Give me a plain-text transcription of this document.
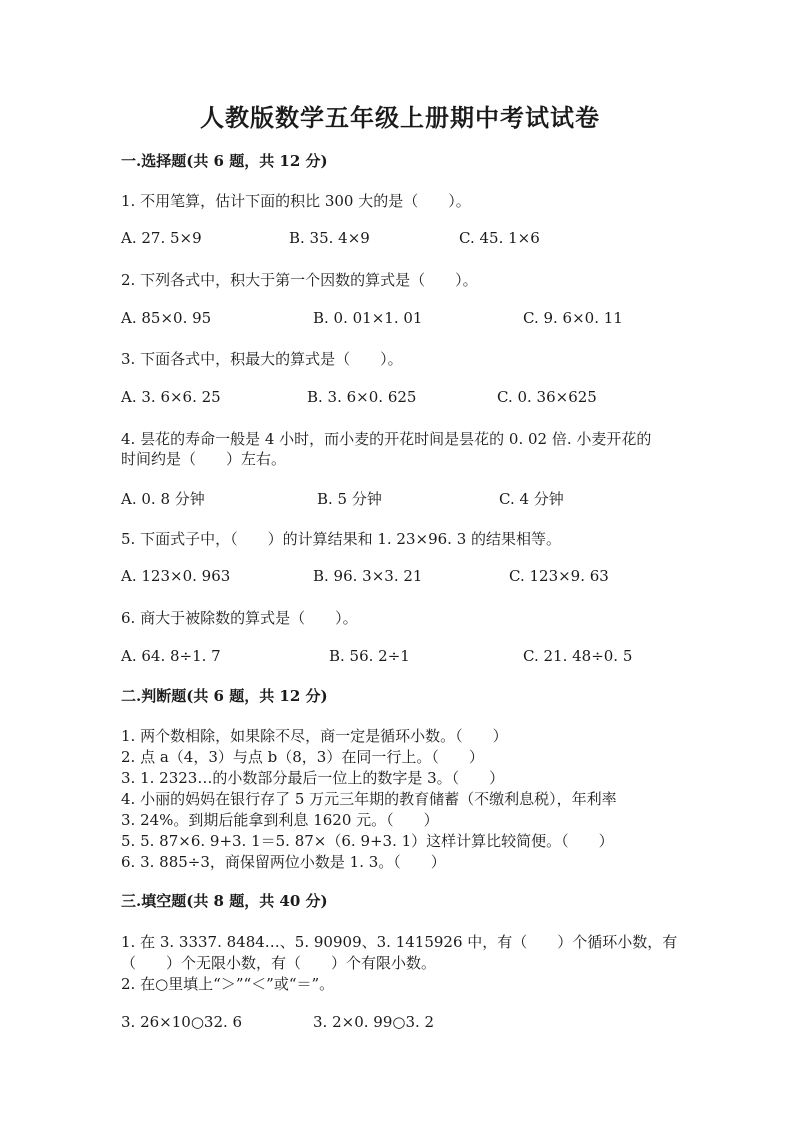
人教版数学五年级上册期中考试试卷
一.选择题(共 6 题，共 12 分)
1. 不用笔算，估计下面的积比 300 大的是（　　）。
A. 27. 5×9	B. 35. 4×9	C. 45. 1×6
2. 下列各式中，积大于第一个因数的算式是（　　）。
A. 85×0. 95	B. 0. 01×1. 01	C. 9. 6×0. 11
3. 下面各式中，积最大的算式是（　　）。
A. 3. 6×6. 25	B. 3. 6×0. 625	C. 0. 36×625
4. 昙花的寿命一般是 4 小时，而小麦的开花时间是昙花的 0. 02 倍. 小麦开花的
时间约是（　　）左右。
A. 0. 8 分钟	B. 5 分钟	C. 4 分钟
5. 下面式子中，（　　）的计算结果和 1. 23×96. 3 的结果相等。
A. 123×0. 963	B. 96. 3×3. 21	C. 123×9. 63
6. 商大于被除数的算式是（　　）。
A. 64. 8÷1. 7	B. 56. 2÷1	C. 21. 48÷0. 5
二.判断题(共 6 题，共 12 分)
1. 两个数相除，如果除不尽，商一定是循环小数。（　　）
2. 点 a（4，3）与点 b（8，3）在同一行上。（　　）
3. 1. 2323…的小数部分最后一位上的数字是 3。（　　）
4. 小丽的妈妈在银行存了 5 万元三年期的教育储蓄（不缴利息税），年利率
3. 24%。到期后能拿到利息 1620 元。（　　）
5. 5. 87×6. 9+3. 1＝5. 87×（6. 9+3. 1）这样计算比较简便。（　　）
6. 3. 885÷3，商保留两位小数是 1. 3。（　　）
三.填空题(共 8 题，共 40 分)
1. 在 3. 3337. 8484…、5. 90909、3. 1415926 中，有（　　）个循环小数，有
（　　）个无限小数，有（　　）个有限小数。
2. 在○里填上“＞”“＜”或“＝”。
3. 26×10○32. 6	3. 2×0. 99○3. 2
